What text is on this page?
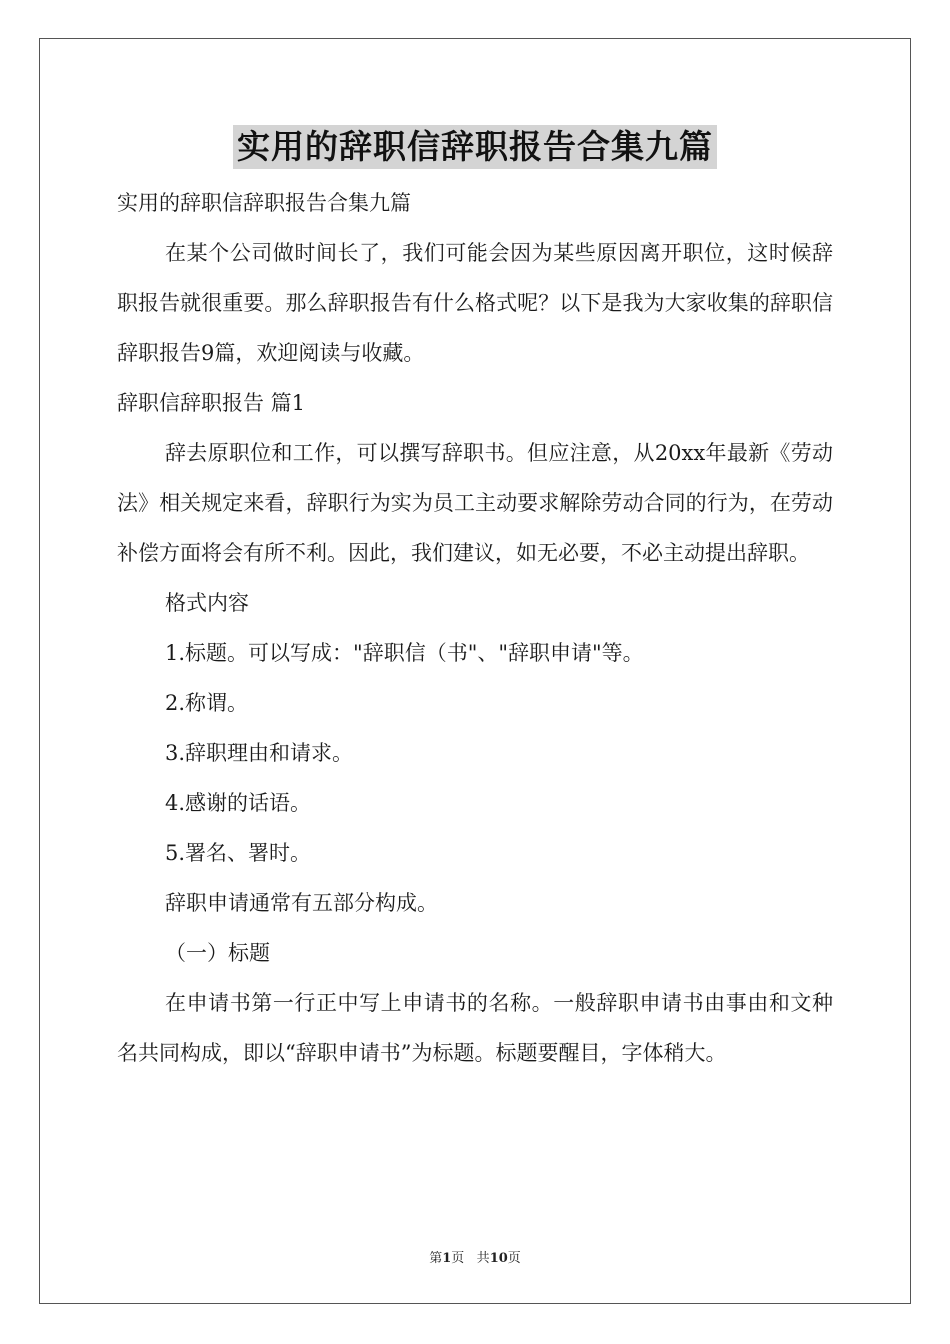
实用的辞职信辞职报告合集九篇

实用的辞职信辞职报告合集九篇

在某个公司做时间长了，我们可能会因为某些原因离开职位，这时候辞职报告就很重要。那么辞职报告有什么格式呢？以下是我为大家收集的辞职信辞职报告9篇，欢迎阅读与收藏。

辞职信辞职报告 篇1

辞去原职位和工作，可以撰写辞职书。但应注意，从20xx年最新《劳动法》相关规定来看，辞职行为实为员工主动要求解除劳动合同的行为，在劳动补偿方面将会有所不利。因此，我们建议，如无必要，不必主动提出辞职。

格式内容

1.标题。可以写成："辞职信（书"、"辞职申请"等。

2.称谓。

3.辞职理由和请求。

4.感谢的话语。

5.署名、署时。

辞职申请通常有五部分构成。

（一）标题

在申请书第一行正中写上申请书的名称。一般辞职申请书由事由和文种名共同构成，即以“辞职申请书”为标题。标题要醒目，字体稍大。

第1页 共10页
